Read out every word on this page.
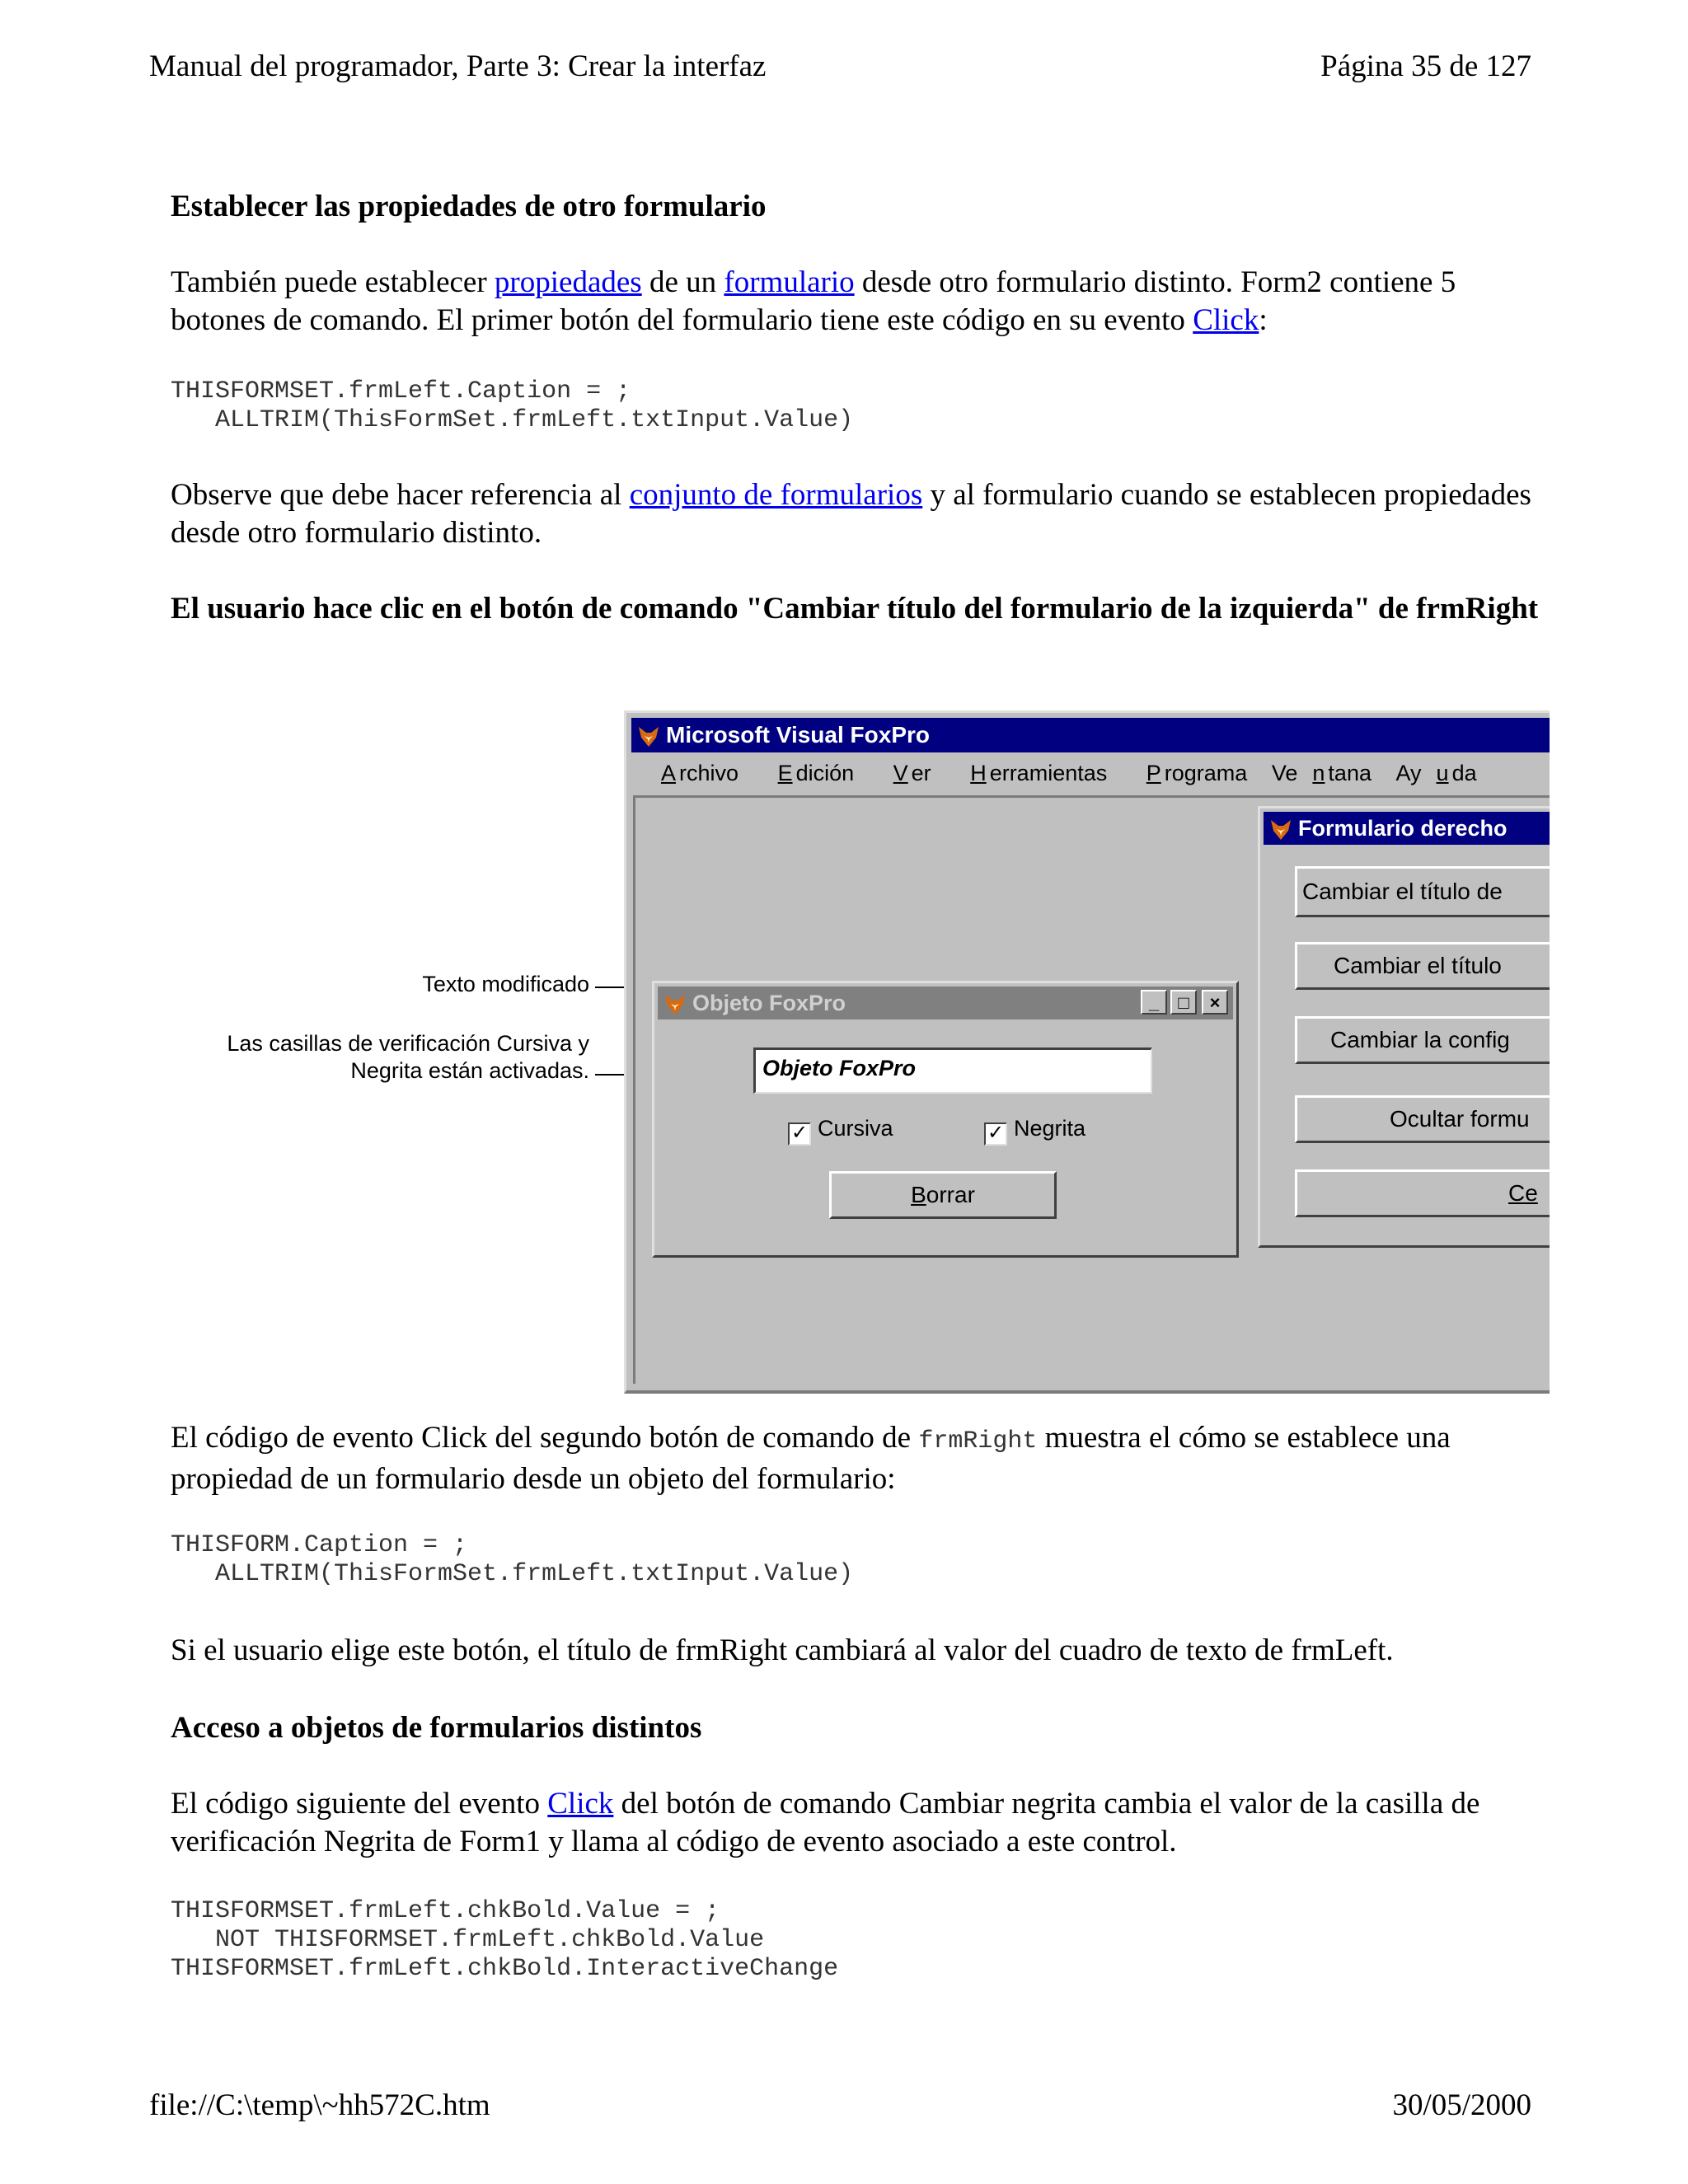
Manual del programador, Parte 3: Crear la interfaz	Página 35 de 127
Establecer las propiedades de otro formulario
También puede establecer propiedades de un formulario desde otro formulario distinto. Form2 contiene 5 botones de comando. El primer botón del formulario tiene este código en su evento Click:
THISFORMSET.frmLeft.Caption = ;
ALLTRIM(ThisFormSet.frmLeft.txtInput.Value)
Observe que debe hacer referencia al conjunto de formularios y al formulario cuando se establecen propiedades desde otro formulario distinto.
El usuario hace clic en el botón de comando "Cambiar título del formulario de la izquierda" de frmRight
Texto modificado
Las casillas de verificación Cursiva y
Negrita están activadas.
Microsoft Visual FoxPro
A rchivo E dición V er H erramientas P rograma Ve n tana Ay u da
Objeto FoxPro	_	□	×
Objeto FoxPro
✓ Cursiva	✓ Negrita
Borrar
Formulario derecho
Cambiar el título de
Cambiar el título
Cambiar la config
Ocultar formu
Ce
El código de evento Click del segundo botón de comando de frmRight muestra el cómo se establece una propiedad de un formulario desde un objeto del formulario:
THISFORM.Caption = ;
ALLTRIM(ThisFormSet.frmLeft.txtInput.Value)
Si el usuario elige este botón, el título de frmRight cambiará al valor del cuadro de texto de frmLeft.
Acceso a objetos de formularios distintos
El código siguiente del evento Click del botón de comando Cambiar negrita cambia el valor de la casilla de verificación Negrita de Form1 y llama al código de evento asociado a este control.
THISFORMSET.frmLeft.chkBold.Value = ;
NOT THISFORMSET.frmLeft.chkBold.Value
THISFORMSET.frmLeft.chkBold.InteractiveChange
file://C:\temp\~hh572C.htm	30/05/2000
